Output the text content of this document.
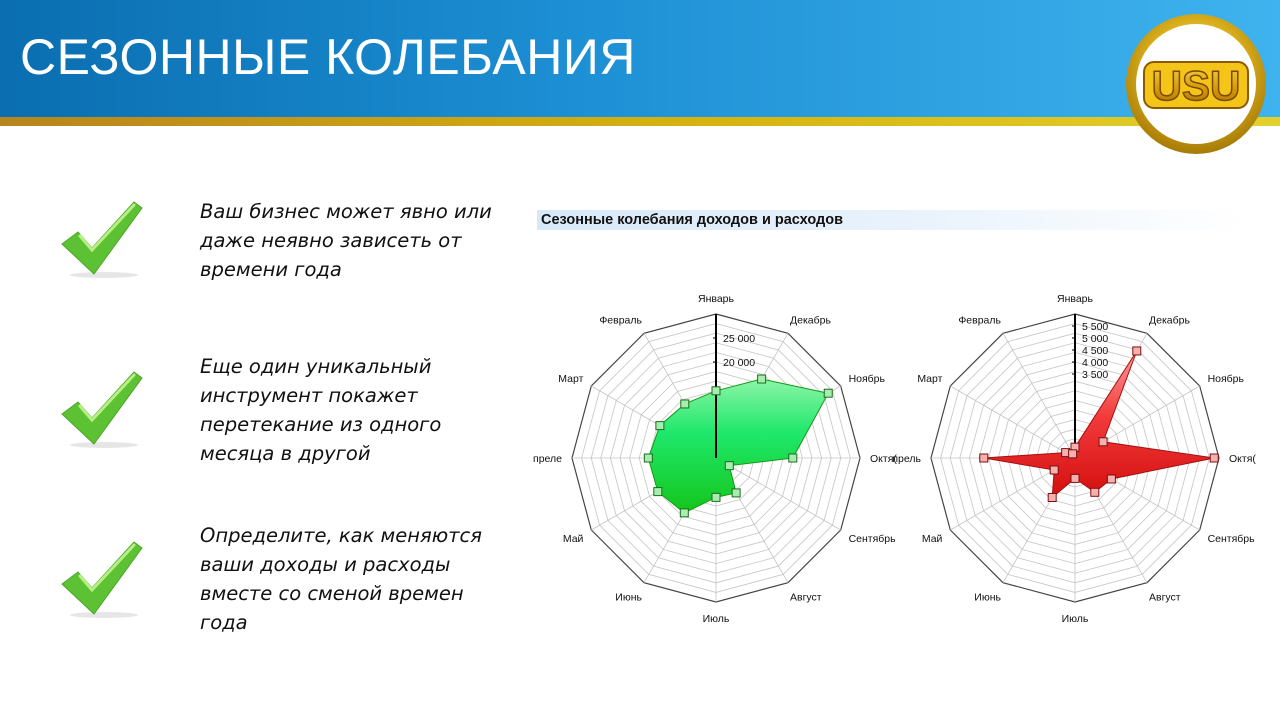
СЕЗОННЫЕ КОЛЕБАНИЯ
USU
Ваш бизнес может явно или даже неявно зависеть от времени года
Еще один уникальный инструмент покажет перетекание из одного месяца в другой
Определите, как меняются ваши доходы и расходы вместе со сменой времен года
Сезонные колебания доходов и расходов
20 000
25 000
Январь
Декабрь
Ноябрь
Октя(
Сентябрь
Август
Июль
Июнь
Май
преле
Март
Февраль
3 500
4 000
4 500
5 000
5 500
Январь
Декабрь
Ноябрь
Октя(
Сентябрь
Август
Июль
Июнь
Май
прель
Март
Февраль
